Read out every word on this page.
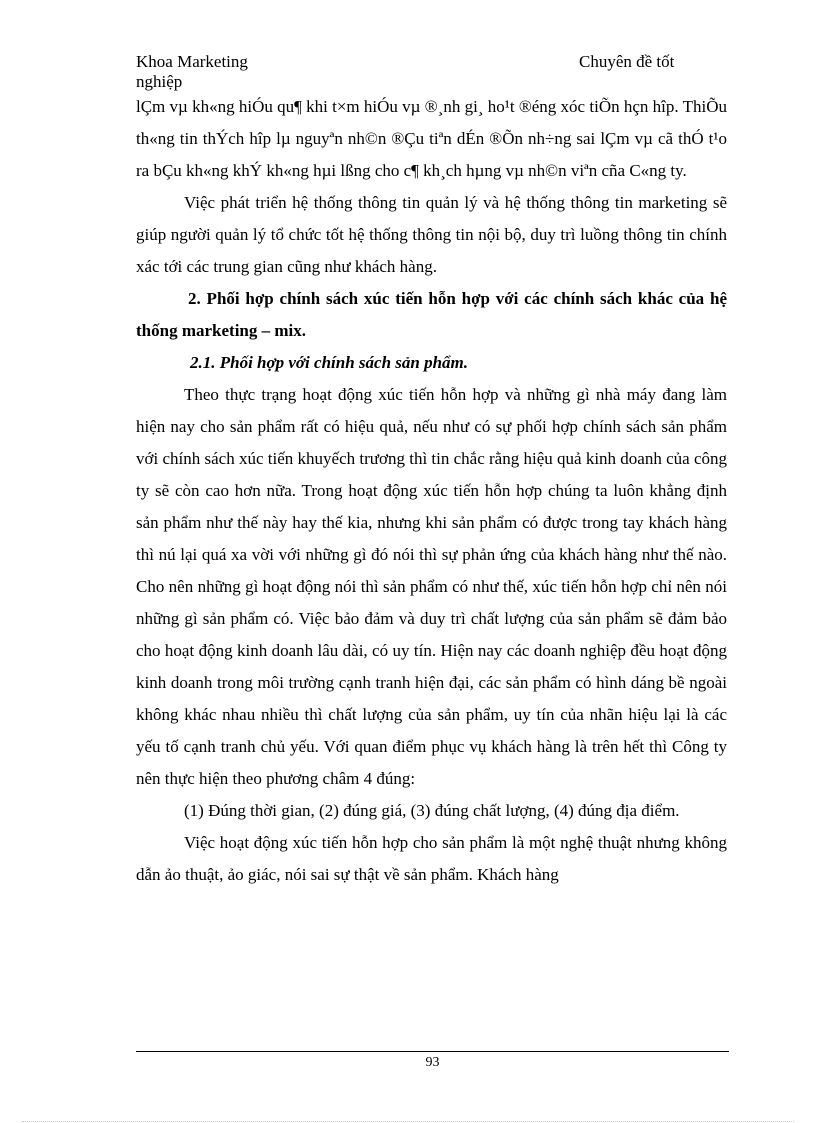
Khoa Marketing
nghiệp
Chuyên đề tốt

lÇm vµ kh«ng hiÓu qu¶ khi t×m hiÓu vµ ®¸nh gi¸ ho¹t ®éng xóc tiÕn hçn hîp. ThiÕu th«ng tin thÝch hîp lµ nguyªn nh©n ®Çu tiªn dÉn ®Õn nh÷ng sai lÇm vµ cã thÓ t¹o ra bÇu kh«ng khÝ kh«ng hµi lßng cho c¶ kh¸ch hµng vµ nh©n viªn cña C«ng ty.

Việc phát triển hệ thống thông tin quản lý và hệ thống thông tin marketing sẽ giúp người quản lý tổ chức tốt hệ thống thông tin nội bộ, duy trì luồng thông tin chính xác tới các trung gian cũng như khách hàng.

2. Phối hợp chính sách xúc tiến hỗn hợp với các chính sách khác của hệ thống marketing – mix.

2.1. Phối hợp với chính sách sản phẩm.

Theo thực trạng hoạt động xúc tiến hỗn hợp và những gì nhà máy đang làm hiện nay cho sản phẩm rất có hiệu quả, nếu như có sự phối hợp chính sách sản phẩm với chính sách xúc tiến khuyếch trương thì tin chắc rằng hiệu quả kinh doanh của công ty sẽ còn cao hơn nữa. Trong hoạt động xúc tiến hỗn hợp chúng ta luôn khẳng định sản phẩm như thế này hay thế kia, nhưng khi sản phẩm có được trong tay khách hàng thì nú lại quá xa vời với những gì đó nói thì sự phản ứng của khách hàng như thế nào. Cho nên những gì hoạt động nói thì sản phẩm có như thế, xúc tiến hỗn hợp chỉ nên nói những gì sản phẩm có. Việc bảo đảm và duy trì chất lượng của sản phẩm sẽ đảm bảo cho hoạt động kinh doanh lâu dài, có uy tín. Hiện nay các doanh nghiệp đều hoạt động kinh doanh trong môi trường cạnh tranh hiện đại, các sản phẩm có hình dáng bề ngoài không khác nhau nhiều thì chất lượng của sản phẩm, uy tín của nhãn hiệu lại là các yếu tố cạnh tranh chủ yếu. Với quan điểm phục vụ khách hàng là trên hết thì Công ty nên thực hiện theo phương châm 4 đúng:

(1) Đúng thời gian, (2) đúng giá, (3) đúng chất lượng, (4) đúng địa điểm.

Việc hoạt động xúc tiến hỗn hợp cho sản phẩm là một nghệ thuật nhưng không dẫn ảo thuật, ảo giác, nói sai sự thật về sản phẩm. Khách hàng

93
